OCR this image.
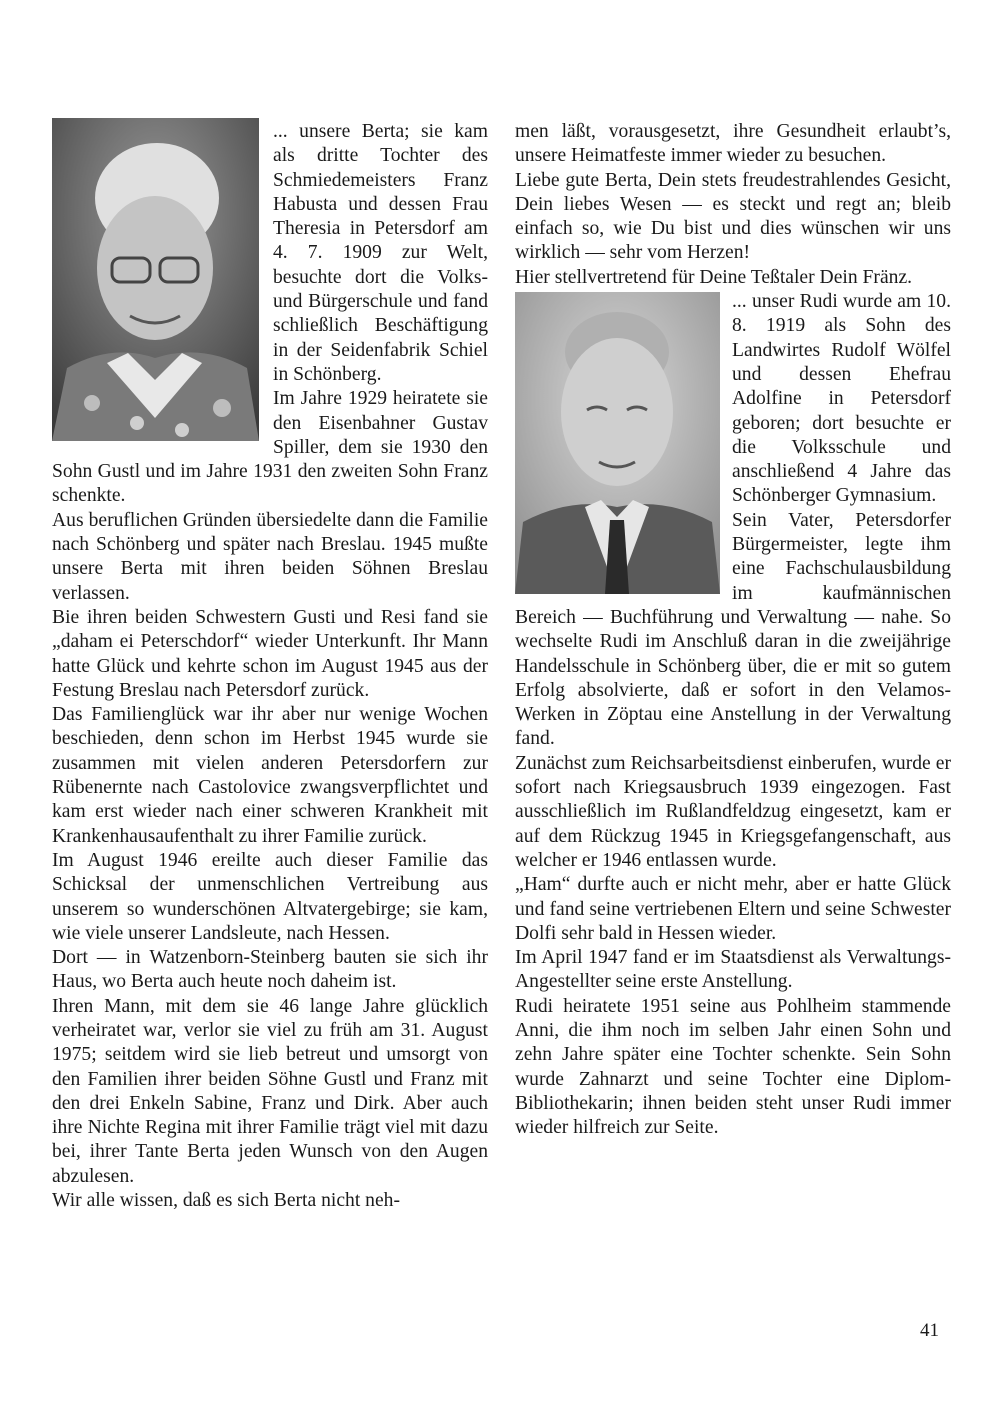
... unsere Berta; sie kam als dritte Tochter des Schmiedemeisters Franz Habusta und dessen Frau Theresia in Petersdorf am 4. 7. 1909 zur Welt, besuchte dort die Volks- und Bürgerschule und fand schließlich Beschäftigung in der Seidenfabrik Schiel in Schönberg.

Im Jahre 1929 heiratete sie den Eisenbahner Gustav Spiller, dem sie 1930 den Sohn Gustl und im Jahre 1931 den zweiten Sohn Franz schenkte.

Aus beruflichen Gründen übersiedelte dann die Familie nach Schönberg und später nach Breslau. 1945 mußte unsere Berta mit ihren beiden Söhnen Breslau verlassen.

Bie ihren beiden Schwestern Gusti und Resi fand sie „daham ei Peterschdorf“ wieder Unterkunft. Ihr Mann hatte Glück und kehrte schon im August 1945 aus der Festung Breslau nach Petersdorf zurück.

Das Familienglück war ihr aber nur wenige Wochen beschieden, denn schon im Herbst 1945 wurde sie zusammen mit vielen anderen Petersdorfern zur Rübenernte nach Castolovice zwangsverpflichtet und kam erst wieder nach einer schweren Krankheit mit Krankenhausaufenthalt zu ihrer Familie zurück.

Im August 1946 ereilte auch dieser Familie das Schicksal der unmenschlichen Vertreibung aus unserem so wunderschönen Altvatergebirge; sie kam, wie viele unserer Landsleute, nach Hessen.

Dort — in Watzenborn-Steinberg bauten sie sich ihr Haus, wo Berta auch heute noch daheim ist.

Ihren Mann, mit dem sie 46 lange Jahre glücklich verheiratet war, verlor sie viel zu früh am 31. August 1975; seitdem wird sie lieb betreut und umsorgt von den Familien ihrer beiden Söhne Gustl und Franz mit den drei Enkeln Sabine, Franz und Dirk. Aber auch ihre Nichte Regina mit ihrer Familie trägt viel mit dazu bei, ihrer Tante Berta jeden Wunsch von den Augen abzulesen.

Wir alle wissen, daß es sich Berta nicht neh-

men läßt, vorausgesetzt, ihre Gesundheit erlaubt’s, unsere Heimatfeste immer wieder zu besuchen.

Liebe gute Berta, Dein stets freudestrahlendes Gesicht, Dein liebes Wesen — es steckt und regt an; bleib einfach so, wie Du bist und dies wünschen wir uns wirklich — sehr vom Herzen!

Hier stellvertretend für Deine Teßtaler Dein Fränz.

... unser Rudi wurde am 10. 8. 1919 als Sohn des Landwirtes Rudolf Wölfel und dessen Ehefrau Adolfine in Petersdorf geboren; dort besuchte er die Volksschule und anschließend 4 Jahre das Schönberger Gymnasium.

Sein Vater, Petersdorfer Bürgermeister, legte ihm eine Fachschulausbildung im kaufmännischen Bereich — Buchführung und Verwaltung — nahe. So wechselte Rudi im Anschluß daran in die zweijährige Handelsschule in Schönberg über, die er mit so gutem Erfolg absolvierte, daß er sofort in den Velamos-Werken in Zöptau eine Anstellung in der Verwaltung fand.

Zunächst zum Reichsarbeitsdienst einberufen, wurde er sofort nach Kriegsausbruch 1939 eingezogen. Fast ausschließlich im Rußlandfeldzug eingesetzt, kam er auf dem Rückzug 1945 in Kriegsgefangenschaft, aus welcher er 1946 entlassen wurde.

„Ham“ durfte auch er nicht mehr, aber er hatte Glück und fand seine vertriebenen Eltern und seine Schwester Dolfi sehr bald in Hessen wieder.

Im April 1947 fand er im Staatsdienst als Verwaltungs-Angestellter seine erste Anstellung.

Rudi heiratete 1951 seine aus Pohlheim stammende Anni, die ihm noch im selben Jahr einen Sohn und zehn Jahre später eine Tochter schenkte. Sein Sohn wurde Zahnarzt und seine Tochter eine Diplom-Bibliothekarin; ihnen beiden steht unser Rudi immer wieder hilfreich zur Seite.

41
